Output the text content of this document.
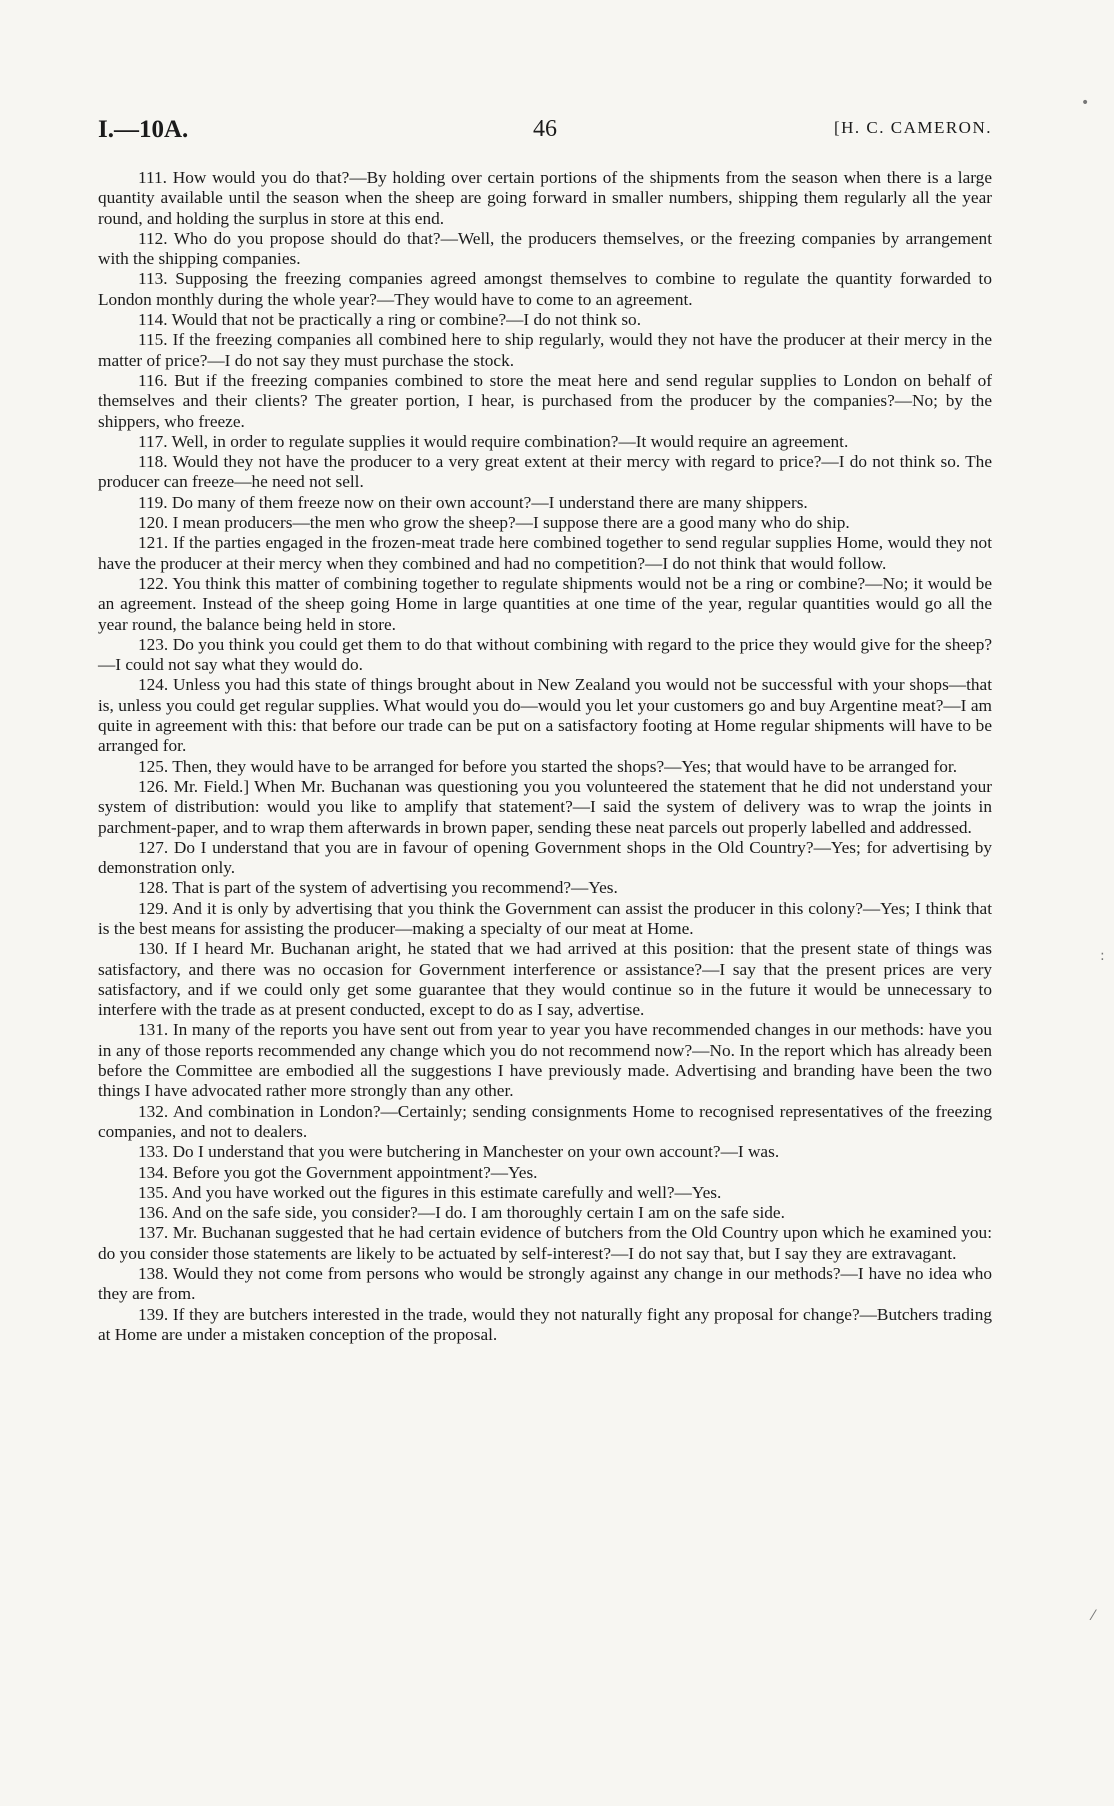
I.—10A.	46	[H. C. CAMERON.
•
:
⁄

111. How would you do that?—By holding over certain portions of the shipments from the season when there is a large quantity available until the season when the sheep are going forward in smaller numbers, shipping them regularly all the year round, and holding the surplus in store at this end.

112. Who do you propose should do that?—Well, the producers themselves, or the freezing companies by arrangement with the shipping companies.

113. Supposing the freezing companies agreed amongst themselves to combine to regulate the quantity forwarded to London monthly during the whole year?—They would have to come to an agreement.

114. Would that not be practically a ring or combine?—I do not think so.

115. If the freezing companies all combined here to ship regularly, would they not have the producer at their mercy in the matter of price?—I do not say they must purchase the stock.

116. But if the freezing companies combined to store the meat here and send regular supplies to London on behalf of themselves and their clients? The greater portion, I hear, is purchased from the producer by the companies?—No; by the shippers, who freeze.

117. Well, in order to regulate supplies it would require combination?—It would require an agreement.

118. Would they not have the producer to a very great extent at their mercy with regard to price?—I do not think so. The producer can freeze—he need not sell.

119. Do many of them freeze now on their own account?—I understand there are many shippers.

120. I mean producers—the men who grow the sheep?—I suppose there are a good many who do ship.

121. If the parties engaged in the frozen-meat trade here combined together to send regular supplies Home, would they not have the producer at their mercy when they combined and had no competition?—I do not think that would follow.

122. You think this matter of combining together to regulate shipments would not be a ring or combine?—No; it would be an agreement. Instead of the sheep going Home in large quantities at one time of the year, regular quantities would go all the year round, the balance being held in store.

123. Do you think you could get them to do that without combining with regard to the price they would give for the sheep?—I could not say what they would do.

124. Unless you had this state of things brought about in New Zealand you would not be successful with your shops—that is, unless you could get regular supplies. What would you do—would you let your customers go and buy Argentine meat?—I am quite in agreement with this: that before our trade can be put on a satisfactory footing at Home regular shipments will have to be arranged for.

125. Then, they would have to be arranged for before you started the shops?—Yes; that would have to be arranged for.

126. Mr. Field.] When Mr. Buchanan was questioning you you volunteered the statement that he did not understand your system of distribution: would you like to amplify that statement?—I said the system of delivery was to wrap the joints in parchment-paper, and to wrap them afterwards in brown paper, sending these neat parcels out properly labelled and addressed.

127. Do I understand that you are in favour of opening Government shops in the Old Country?—Yes; for advertising by demonstration only.

128. That is part of the system of advertising you recommend?—Yes.

129. And it is only by advertising that you think the Government can assist the producer in this colony?—Yes; I think that is the best means for assisting the producer—making a specialty of our meat at Home.

130. If I heard Mr. Buchanan aright, he stated that we had arrived at this position: that the present state of things was satisfactory, and there was no occasion for Government interference or assistance?—I say that the present prices are very satisfactory, and if we could only get some guarantee that they would continue so in the future it would be unnecessary to interfere with the trade as at present conducted, except to do as I say, advertise.

131. In many of the reports you have sent out from year to year you have recommended changes in our methods: have you in any of those reports recommended any change which you do not recommend now?—No. In the report which has already been before the Committee are embodied all the suggestions I have previously made. Advertising and branding have been the two things I have advocated rather more strongly than any other.

132. And combination in London?—Certainly; sending consignments Home to recognised representatives of the freezing companies, and not to dealers.

133. Do I understand that you were butchering in Manchester on your own account?—I was.

134. Before you got the Government appointment?—Yes.

135. And you have worked out the figures in this estimate carefully and well?—Yes.

136. And on the safe side, you consider?—I do. I am thoroughly certain I am on the safe side.

137. Mr. Buchanan suggested that he had certain evidence of butchers from the Old Country upon which he examined you: do you consider those statements are likely to be actuated by self-interest?—I do not say that, but I say they are extravagant.

138. Would they not come from persons who would be strongly against any change in our methods?—I have no idea who they are from.

139. If they are butchers interested in the trade, would they not naturally fight any proposal for change?—Butchers trading at Home are under a mistaken conception of the proposal.
